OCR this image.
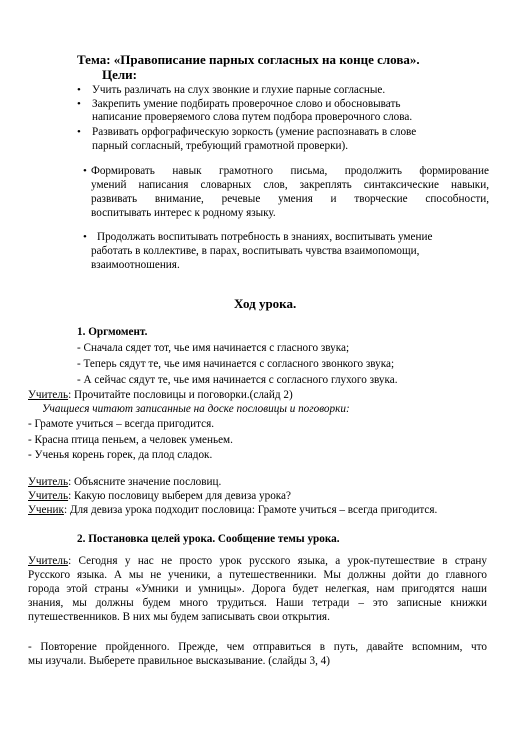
Тема: «Правописание парных согласных на конце слова».
Цели:
• Учить различать на слух звонкие и глухие парные согласные.
• Закрепить умение подбирать проверочное слово и обосновывать
написание проверяемого слова путем подбора проверочного слова.
• Развивать орфографическую зоркость (умение распознавать в слове
парный согласный, требующий грамотной проверки).
• Формировать навык грамотного письма, продолжить формирование
умений написания словарных слов, закреплять синтаксические навыки,
развивать внимание, речевые умения и творческие способности,
воспитывать интерес к родному языку.
• Продолжать воспитывать потребность в знаниях, воспитывать умение
работать в коллективе, в парах, воспитывать чувства взаимопомощи,
взаимоотношения.
Ход урока.
1. Оргмомент.
- Сначала сядет тот, чье имя начинается с гласного звука;
- Теперь сядут те, чье имя начинается с согласного звонкого звука;
- А сейчас сядут те, чье имя начинается с согласного глухого звука.
Учитель: Прочитайте пословицы и поговорки.(слайд 2)
Учащиеся читают записанные на доске пословицы и поговорки:
- Грамоте учиться – всегда пригодится.
- Красна птица пеньем, а человек уменьем.
- Ученья корень горек, да плод сладок.
Учитель: Объясните значение пословиц.
Учитель: Какую пословицу выберем для девиза урока?
Ученик: Для девиза урока подходит пословица: Грамоте учиться – всегда пригодится.
2. Постановка целей урока. Сообщение темы урока.
Учитель: Сегодня у нас не просто урок русского языка, а урок-путешествие в страну
Русского языка. А мы не ученики, а путешественники. Мы должны дойти до главного
города этой страны «Умники и умницы». Дорога будет нелегкая, нам пригодятся наши
знания, мы должны будем много трудиться. Наши тетради – это записные книжки
путешественников. В них мы будем записывать свои открытия.
- Повторение пройденного. Прежде, чем отправиться в путь, давайте вспомним, что
мы изучали. Выберете правильное высказывание. (слайды 3, 4)
